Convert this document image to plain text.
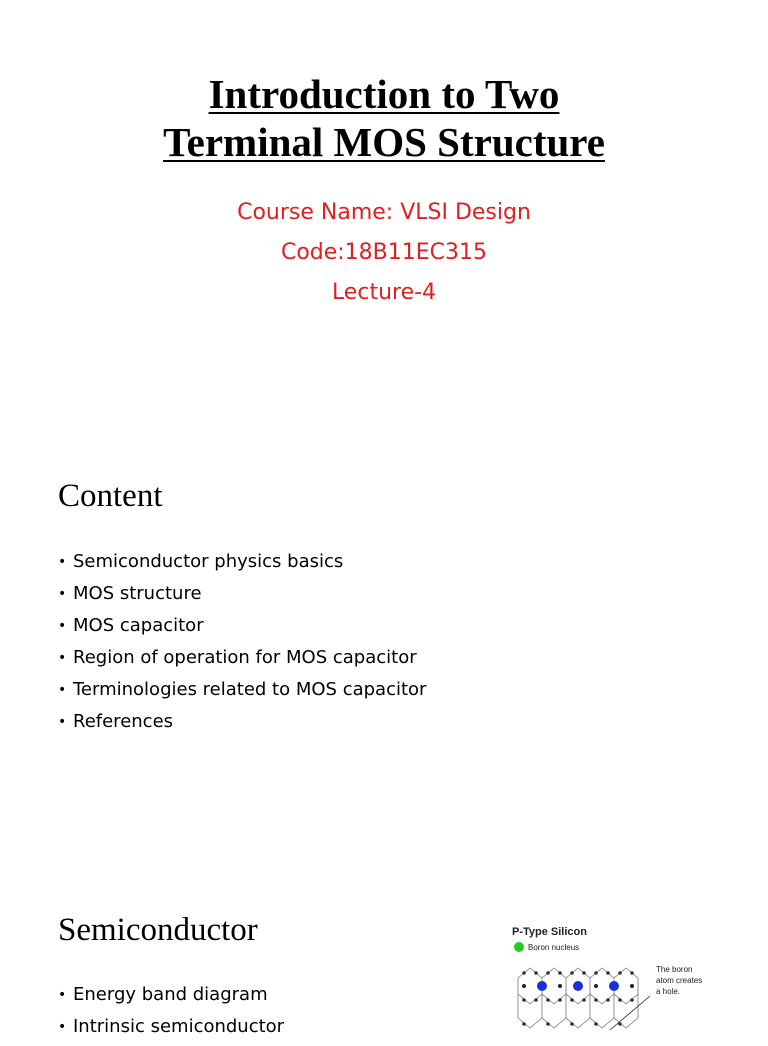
Introduction to Two
Terminal MOS Structure
Course Name: VLSI Design
Code:18B11EC315
Lecture-4
Content
• Semiconductor physics basics
• MOS structure
• MOS capacitor
• Region of operation for MOS capacitor
• Terminologies related to MOS capacitor
• References
Semiconductor
• Energy band diagram
• Intrinsic semiconductor
P-Type Silicon
Boron nucleus
The boron atom creates a hole.
